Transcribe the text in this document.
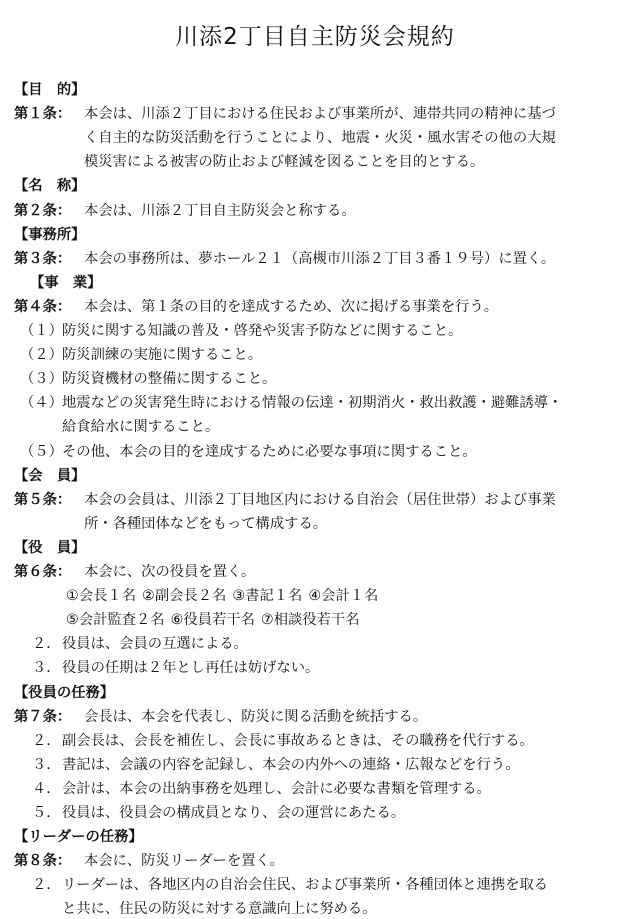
川添2丁目自主防災会規約
【目　的】
第１条： 本会は、川添２丁目における住民および事業所が、連帯共同の精神に基づ
く自主的な防災活動を行うことにより、地震・火災・風水害その他の大規
模災害による被害の防止および軽減を図ることを目的とする。
【名　称】
第２条： 本会は、川添２丁目自主防災会と称する。
【事務所】
第３条： 本会の事務所は、夢ホール２１（高槻市川添２丁目３番１９号）に置く。
【事　業】
第４条： 本会は、第１条の目的を達成するため、次に掲げる事業を行う。
（１） 防災に関する知識の普及・啓発や災害予防などに関すること。
（２） 防災訓練の実施に関すること。
（３） 防災資機材の整備に関すること。
（４） 地震などの災害発生時における情報の伝達・初期消火・救出救護・避難誘導・
給食給水に関すること。
（５） その他、本会の目的を達成するために必要な事項に関すること。
【会　員】
第５条： 本会の会員は、川添２丁目地区内における自治会（居住世帯）および事業
所・各種団体などをもって構成する。
【役　員】
第６条： 本会に、次の役員を置く。
①会長１名 ②副会長２名 ③書記１名 ④会計１名
⑤会計監査２名 ⑥役員若干名 ⑦相談役若干名
２． 役員は、会員の互選による。
３． 役員の任期は２年とし再任は妨げない。
【役員の任務】
第７条： 会長は、本会を代表し、防災に関る活動を統括する。
２． 副会長は、会長を補佐し、会長に事故あるときは、その職務を代行する。
３． 書記は、会議の内容を記録し、本会の内外への連絡・広報などを行う。
４． 会計は、本会の出納事務を処理し、会計に必要な書類を管理する。
５． 役員は、役員会の構成員となり、会の運営にあたる。
【リーダーの任務】
第８条： 本会に、防災リーダーを置く。
２． リーダーは、各地区内の自治会住民、および事業所・各種団体と連携を取る
と共に、住民の防災に対する意識向上に努める。
